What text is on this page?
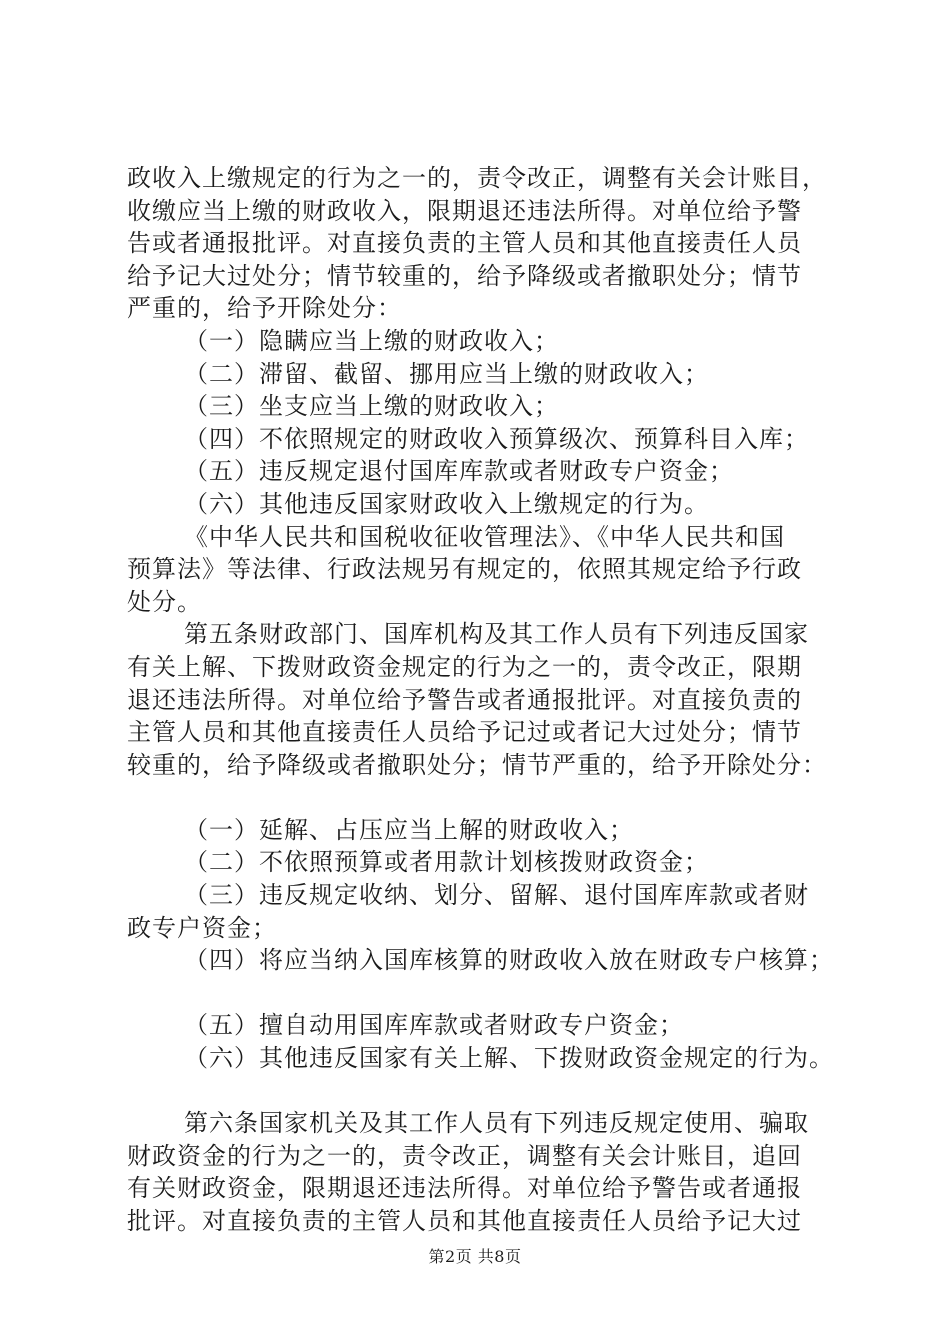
政收入上缴规定的行为之一的，责令改正，调整有关会计账目，
收缴应当上缴的财政收入，限期退还违法所得。对单位给予警
告或者通报批评。对直接负责的主管人员和其他直接责任人员
给予记大过处分；情节较重的，给予降级或者撤职处分；情节
严重的，给予开除处分：
（一）隐瞒应当上缴的财政收入；
（二）滞留、截留、挪用应当上缴的财政收入；
（三）坐支应当上缴的财政收入；
（四）不依照规定的财政收入预算级次、预算科目入库；
（五）违反规定退付国库库款或者财政专户资金；
（六）其他违反国家财政收入上缴规定的行为。
《中华人民共和国税收征收管理法》、《中华人民共和国
预算法》等法律、行政法规另有规定的，依照其规定给予行政
处分。
第五条财政部门、国库机构及其工作人员有下列违反国家
有关上解、下拨财政资金规定的行为之一的，责令改正，限期
退还违法所得。对单位给予警告或者通报批评。对直接负责的
主管人员和其他直接责任人员给予记过或者记大过处分；情节
较重的，给予降级或者撤职处分；情节严重的，给予开除处分：
（一）延解、占压应当上解的财政收入；
（二）不依照预算或者用款计划核拨财政资金；
（三）违反规定收纳、划分、留解、退付国库库款或者财
政专户资金；
（四）将应当纳入国库核算的财政收入放在财政专户核算；
（五）擅自动用国库库款或者财政专户资金；
（六）其他违反国家有关上解、下拨财政资金规定的行为。
第六条国家机关及其工作人员有下列违反规定使用、骗取
财政资金的行为之一的，责令改正，调整有关会计账目，追回
有关财政资金，限期退还违法所得。对单位给予警告或者通报
批评。对直接负责的主管人员和其他直接责任人员给予记大过
第2页 共8页
